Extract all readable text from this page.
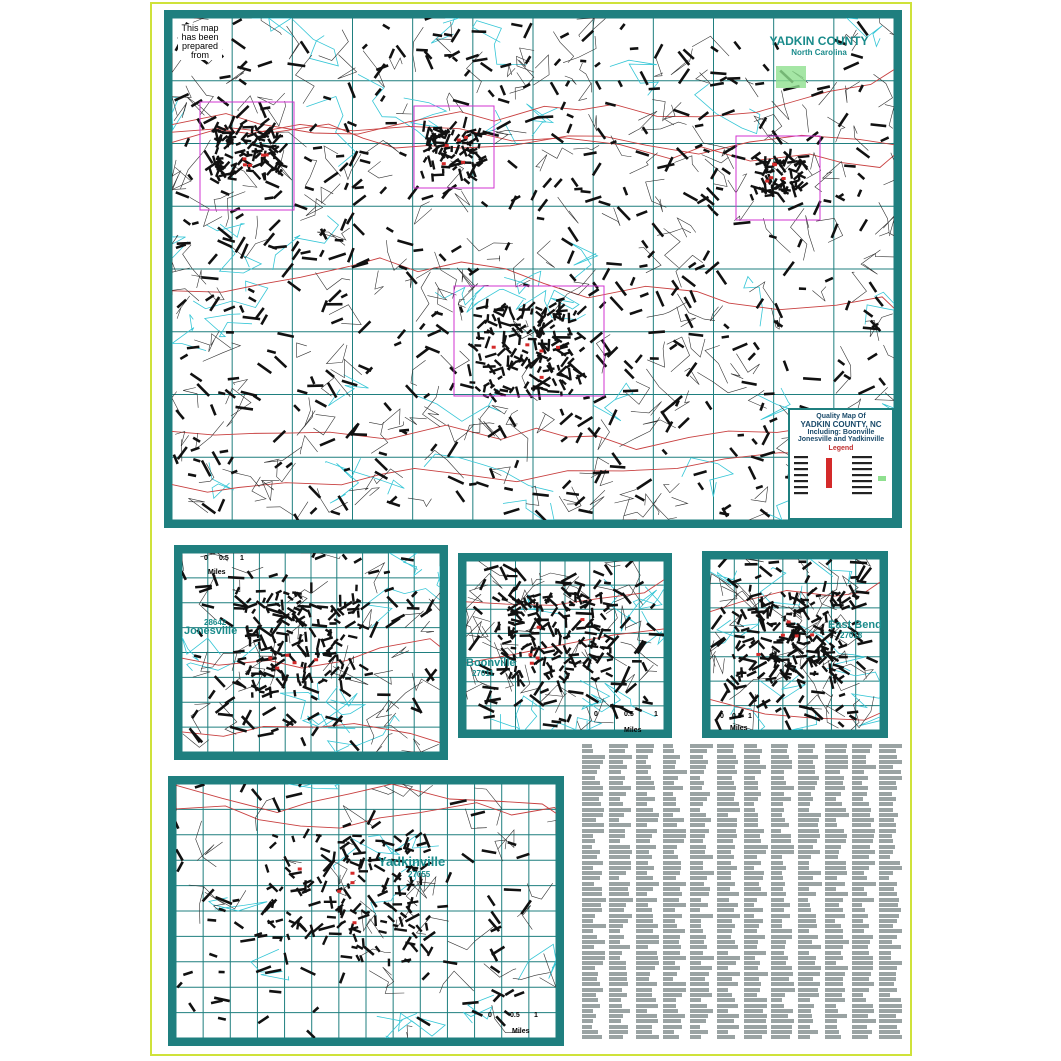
A
A
B
B
C
C
D
D
E
E
F
F
G
G
H
H
I
I
J
J
K
K
L
L
1	1
2	2
3	3
4	4
5	5
6	6
7	7
8	8
This map
has been
prepared
from
YADKIN COUNTY
North Carolina
Quality Map Of
YADKIN COUNTY, NC
Including: Boonville
Jonesville and Yadkinville
Legend
Jonesville
28642
0 0.5 1
Miles
Boonville
27011
0	0.5	1
Miles
East Bend
27018
0 0.5 1
Miles
Yadkinville
27055
0	0.5 1
Miles
